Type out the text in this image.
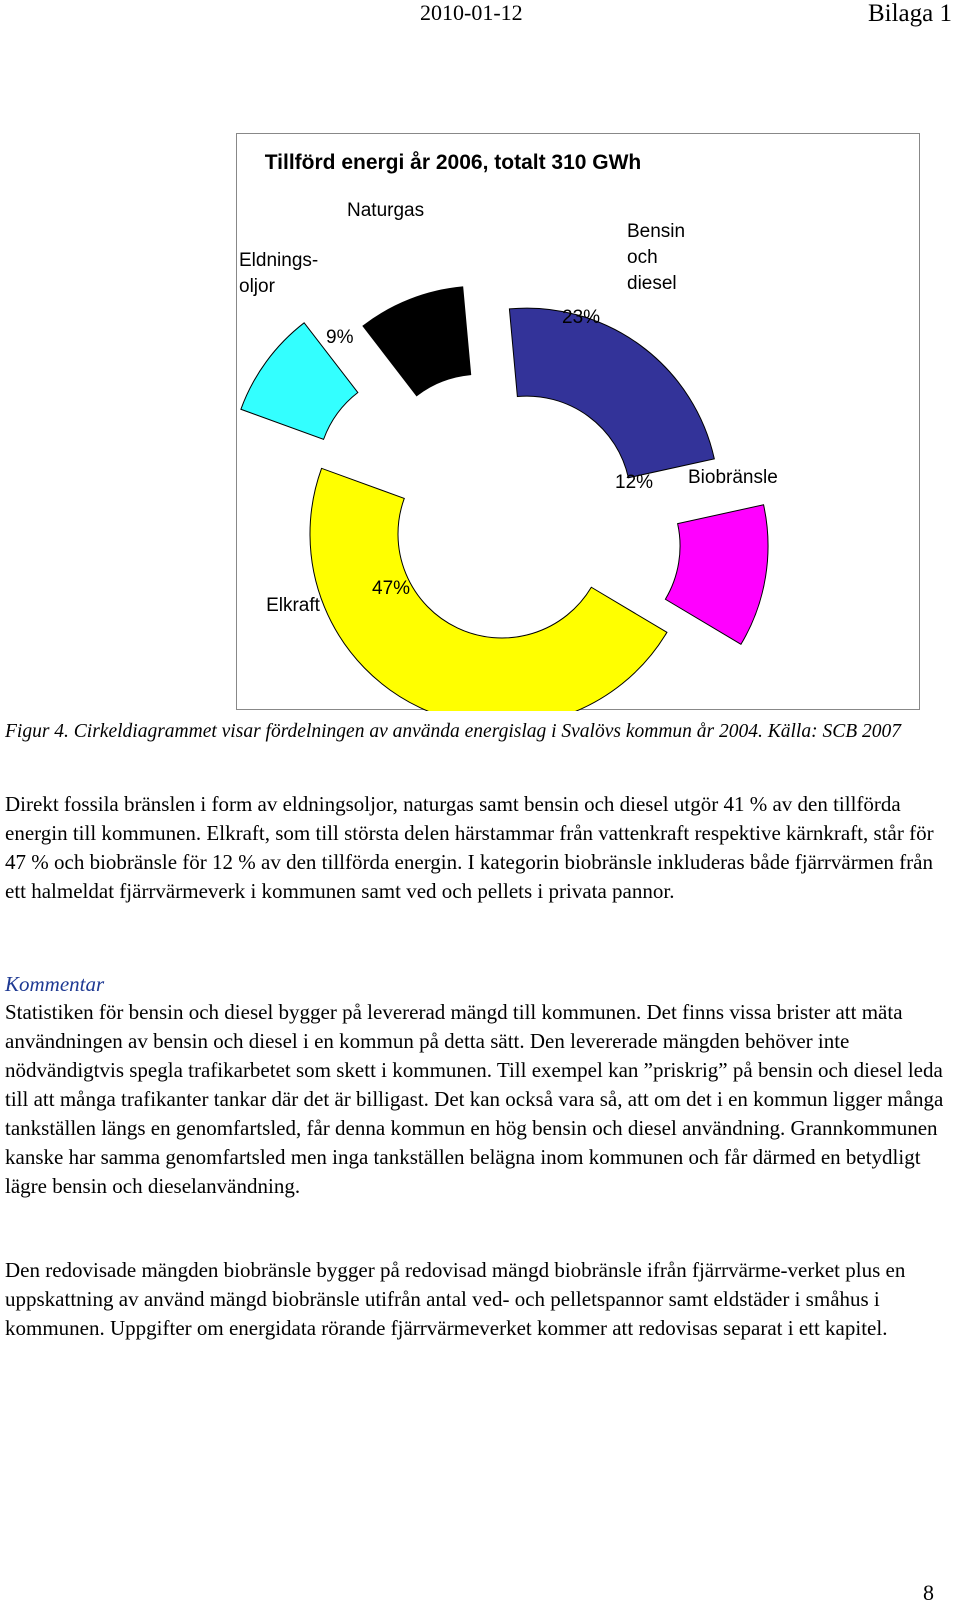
2010-01-12	Bilaga 1
Tillförd energi år 2006, totalt 310 GWh
9%
Eldnings-oljor	9%
Naturgas
23%
Bensin och diesel
12% Biobränsle
47%
Elkraft
Figur 4. Cirkeldiagrammet visar fördelningen av använda energislag i Svalövs kommun år 2004. Källa: SCB 2007
Direkt fossila bränslen i form av eldningsoljor, naturgas samt bensin och diesel utgör 41 % av den tillförda energin till kommunen. Elkraft, som till största delen härstammar från vattenkraft respektive kärnkraft, står för 47 % och biobränsle för 12 % av den tillförda energin. I kategorin biobränsle inkluderas både fjärrvärmen från ett halmeldat fjärrvärmeverk i kommunen samt ved och pellets i privata pannor.
Kommentar
Statistiken för bensin och diesel bygger på levererad mängd till kommunen. Det finns vissa brister att mäta användningen av bensin och diesel i en kommun på detta sätt. Den levererade mängden behöver inte nödvändigtvis spegla trafikarbetet som skett i kommunen. Till exempel kan ”priskrig” på bensin och diesel leda till att många trafikanter tankar där det är billigast. Det kan också vara så, att om det i en kommun ligger många tankställen längs en genomfartsled, får denna kommun en hög bensin och diesel användning. Grannkommunen kanske har samma genomfartsled men inga tankställen belägna inom kommunen och får därmed en betydligt lägre bensin och dieselanvändning.
Den redovisade mängden biobränsle bygger på redovisad mängd biobränsle ifrån fjärrvärme-verket plus en uppskattning av använd mängd biobränsle utifrån antal ved- och pelletspannor samt eldstäder i småhus i kommunen. Uppgifter om energidata rörande fjärrvärmeverket kommer att redovisas separat i ett kapitel.
8
